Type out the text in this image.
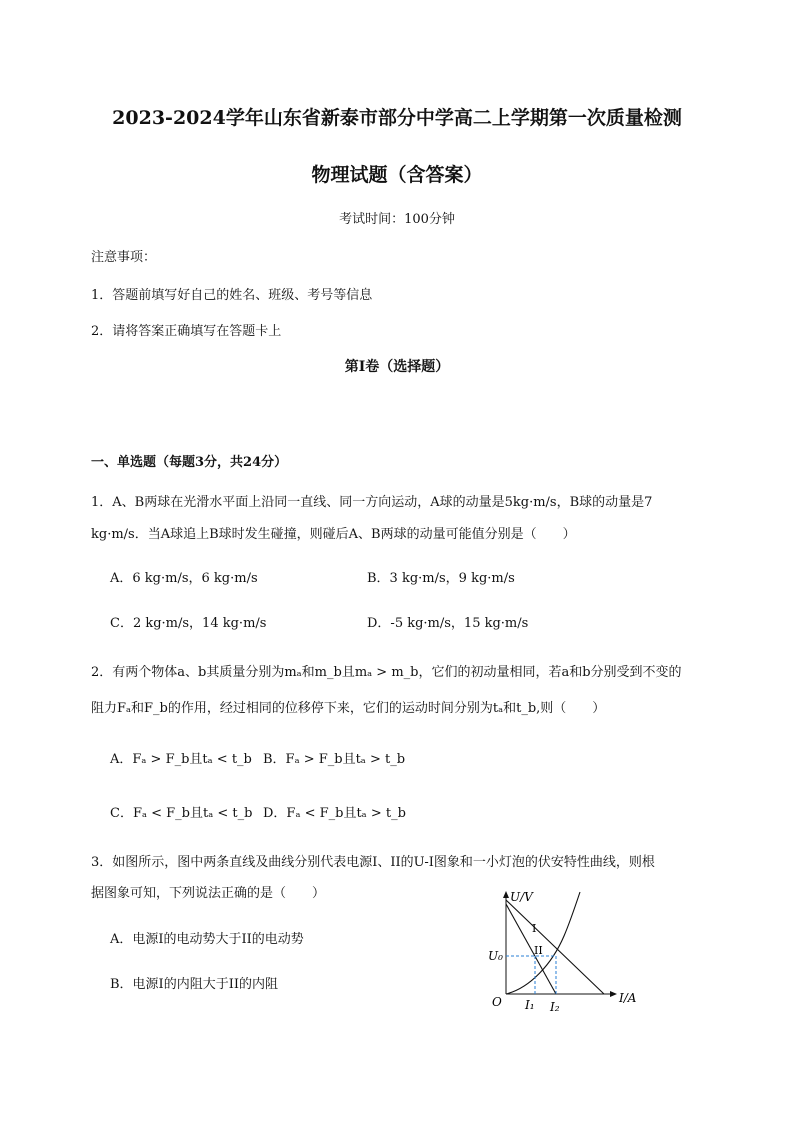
2023-2024学年山东省新泰市部分中学高二上学期第一次质量检测
物理试题（含答案）
考试时间：100分钟
注意事项：
1．答题前填写好自己的姓名、班级、考号等信息
2．请将答案正确填写在答题卡上
第I卷（选择题）
一、单选题（每题3分，共24分）
1．A、B两球在光滑水平面上沿同一直线、同一方向运动，A球的动量是5kg·m/s，B球的动量是7
kg·m/s．当A球追上B球时发生碰撞，则碰后A、B两球的动量可能值分别是（　　）
A．6 kg·m/s，6 kg·m/s	B．3 kg·m/s，9 kg·m/s
C．2 kg·m/s，14 kg·m/s	D．-5 kg·m/s，15 kg·m/s
2．有两个物体a、b其质量分别为mₐ和m_b且mₐ > m_b，它们的初动量相同，若a和b分别受到不变的
阻力Fₐ和F_b的作用，经过相同的位移停下来，它们的运动时间分别为tₐ和t_b,则（　　）
A．Fₐ > F_b且tₐ < t_b B．Fₐ > F_b且tₐ > t_b
C．Fₐ < F_b且tₐ < t_b D．Fₐ < F_b且tₐ > t_b
3．如图所示，图中两条直线及曲线分别代表电源I、II的U-I图象和一小灯泡的伏安特性曲线，则根
据图象可知，下列说法正确的是（　　）
A．电源I的电动势大于II的电动势
B．电源I的内阻大于II的内阻
U/V
I/A
O
U₀
I
II
I₁ I₂
